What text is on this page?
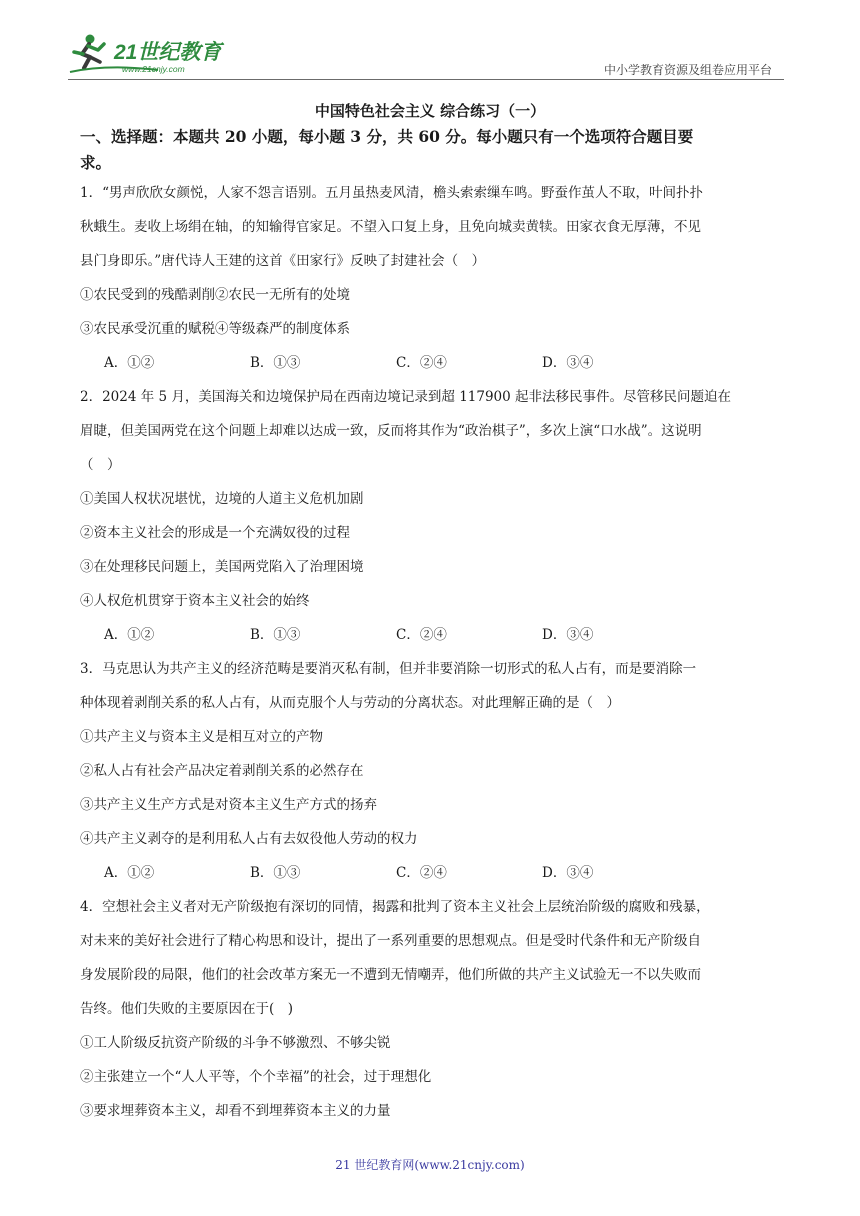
21世纪教育
www.21cnjy.com	中小学教育资源及组卷应用平台
中国特色社会主义 综合练习（一）

一、选择题：本题共 20 小题，每小题 3 分，共 60 分。每小题只有一个选项符合题目要

求。

1．“男声欣欣女颜悦，人家不怨言语别。五月虽热麦风清，檐头索索缫车鸣。野蚕作茧人不取，叶间扑扑

秋蛾生。麦收上场绢在轴，的知输得官家足。不望入口复上身，且免向城卖黄犊。田家衣食无厚薄，不见

县门身即乐。”唐代诗人王建的这首《田家行》反映了封建社会（　）

①农民受到的残酷剥削②农民一无所有的处境

③农民承受沉重的赋税④等级森严的制度体系

A．①②	B．①③	C．②④	D．③④

2．2024 年 5 月，美国海关和边境保护局在西南边境记录到超 117900 起非法移民事件。尽管移民问题迫在

眉睫，但美国两党在这个问题上却难以达成一致，反而将其作为“政治棋子”，多次上演“口水战”。这说明

（　）

①美国人权状况堪忧，边境的人道主义危机加剧

②资本主义社会的形成是一个充满奴役的过程

③在处理移民问题上，美国两党陷入了治理困境

④人权危机贯穿于资本主义社会的始终

A．①②	B．①③	C．②④	D．③④

3．马克思认为共产主义的经济范畴是要消灭私有制，但并非要消除一切形式的私人占有，而是要消除一

种体现着剥削关系的私人占有，从而克服个人与劳动的分离状态。对此理解正确的是（　）

①共产主义与资本主义是相互对立的产物

②私人占有社会产品决定着剥削关系的必然存在

③共产主义生产方式是对资本主义生产方式的扬弃

④共产主义剥夺的是利用私人占有去奴役他人劳动的权力

A．①②	B．①③	C．②④	D．③④

4．空想社会主义者对无产阶级抱有深切的同情，揭露和批判了资本主义社会上层统治阶级的腐败和残暴，

对未来的美好社会进行了精心构思和设计，提出了一系列重要的思想观点。但是受时代条件和无产阶级自

身发展阶段的局限，他们的社会改革方案无一不遭到无情嘲弄，他们所做的共产主义试验无一不以失败而

告终。他们失败的主要原因在于(　)

①工人阶级反抗资产阶级的斗争不够激烈、不够尖锐

②主张建立一个“人人平等，个个幸福”的社会，过于理想化

③要求埋葬资本主义，却看不到埋葬资本主义的力量

21 世纪教育网(www.21cnjy.com)
